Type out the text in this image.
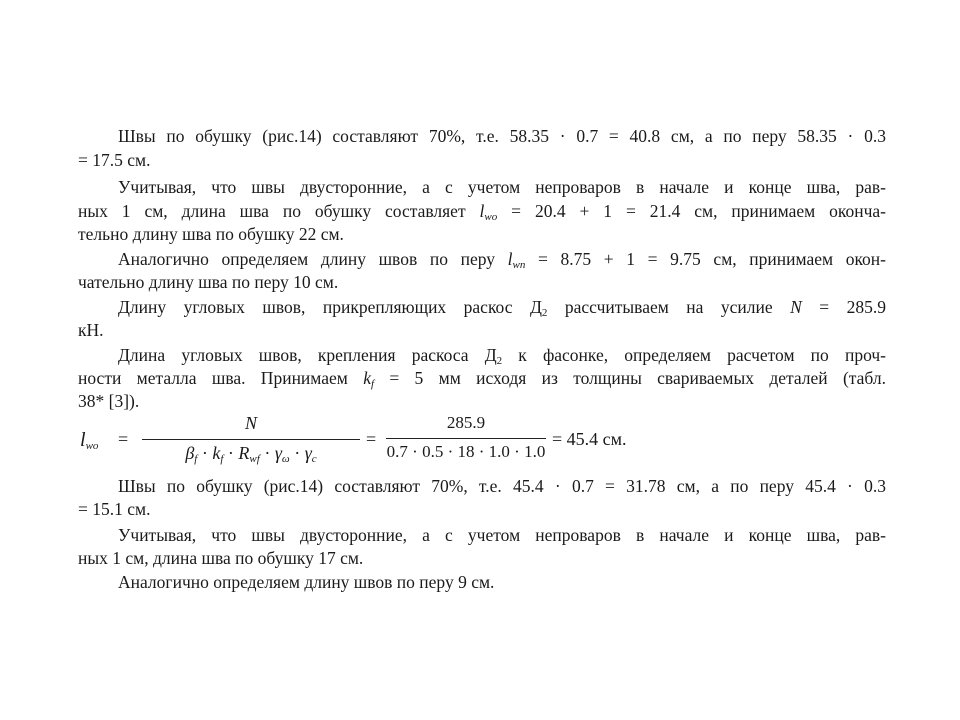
Швы по обушку (рис.14) составляют 70%, т.е. 58.35 · 0.7 = 40.8 см, а по перу 58.35 · 0.3
= 17.5 см.
Учитывая, что швы двусторонние, а с учетом непроваров в начале и конце шва, рав-
ных 1 см, длина шва по обушку составляет $l_{wo} = 20.4 + 1 = 21.4$ см, принимаем оконча-
тельно длину шва по обушку 22 см.
Аналогично определяем длину швов по перу $l_{wn} = 8.75 + 1 = 9.75$ см, принимаем окон-
чательно длину шва по перу 10 см.
Длину угловых швов, прикрепляющих раскос $Д_2$ рассчитываем на усилие N = 285.9
кН.
Длина угловых швов, крепления раскоса $Д_2$ к фасонке, определяем расчетом по проч-
ности металла шва. Принимаем $k_f = 5$ мм исходя из толщины свариваемых деталей (табл.
38* [3]).
$l_{wo}$ =
N
$\beta_f \cdot k_f \cdot R_{wf} \cdot \gamma_\omega \cdot \gamma_c$
=
285.9
0.7 · 0.5 · 18 · 1.0 · 1.0
= 45.4 см.
Швы по обушку (рис.14) составляют 70%, т.е. 45.4 · 0.7 = 31.78 см, а по перу 45.4 · 0.3
= 15.1 см.
Учитывая, что швы двусторонние, а с учетом непроваров в начале и конце шва, рав-
ных 1 см, длина шва по обушку 17 см.
Аналогично определяем длину швов по перу 9 см.
